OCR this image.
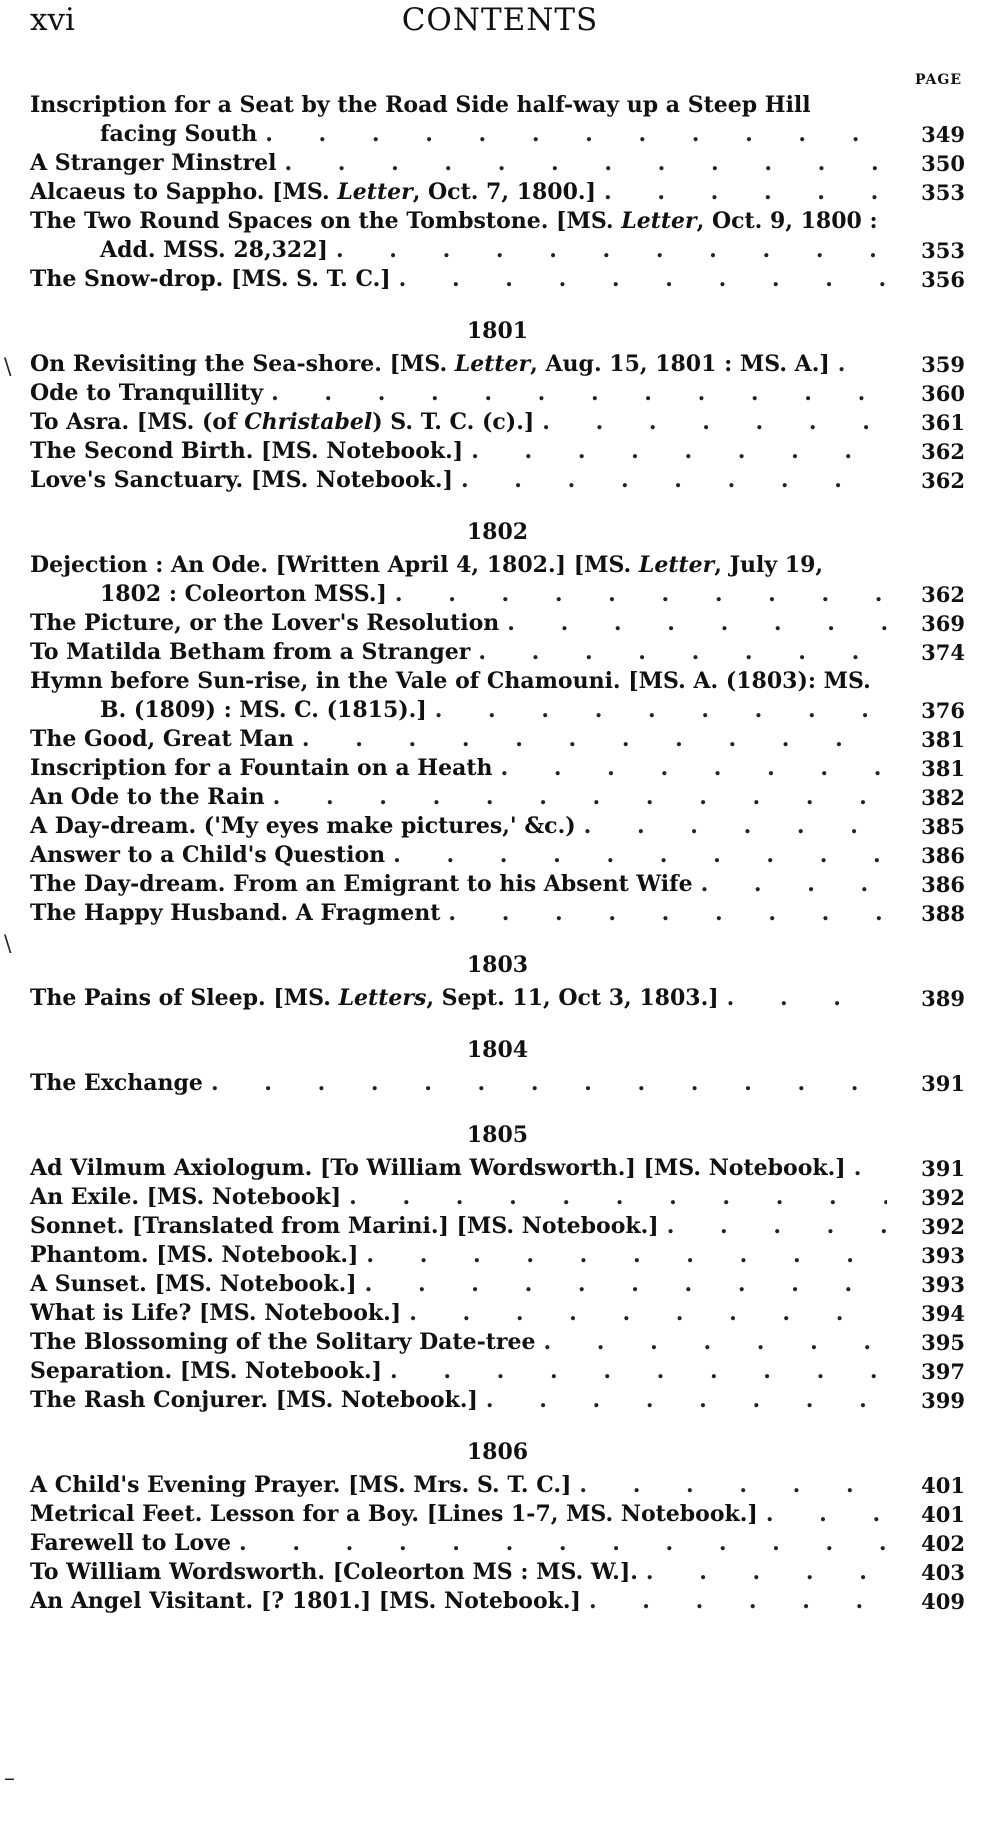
xvi	CONTENTS
PAGE
\
\
–
Inscription for a Seat by the Road Side half-way up a Steep Hill
facing South . . .	349
A Stranger Minstrel . . .	350
Alcaeus to Sappho. [MS. Letter, Oct. 7, 1800.] . . .	353
The Two Round Spaces on the Tombstone. [MS. Letter, Oct. 9, 1800 :
Add. MSS. 28,322] . . .	353
The Snow-drop. [MS. S. T. C.] . . .	356
1801
On Revisiting the Sea-shore. [MS. Letter, Aug. 15, 1801 : MS. A.] . . .	359
Ode to Tranquillity . . .	360
To Asra. [MS. (of Christabel) S. T. C. (c).] . . .	361
The Second Birth. [MS. Notebook.] . . .	362
Love's Sanctuary. [MS. Notebook.] . . .	362
1802
Dejection : An Ode. [Written April 4, 1802.] [MS. Letter, July 19,
1802 : Coleorton MSS.] . . .	362
The Picture, or the Lover's Resolution . . .	369
To Matilda Betham from a Stranger . . .	374
Hymn before Sun-rise, in the Vale of Chamouni. [MS. A. (1803): MS.
B. (1809) : MS. C. (1815).] . . .	376
The Good, Great Man . . .	381
Inscription for a Fountain on a Heath . . .	381
An Ode to the Rain . . .	382
A Day-dream. ('My eyes make pictures,' &c.) . . .	385
Answer to a Child's Question . . .	386
The Day-dream. From an Emigrant to his Absent Wife . . .	386
The Happy Husband. A Fragment . . .	388
1803
The Pains of Sleep. [MS. Letters, Sept. 11, Oct 3, 1803.] . . .	389
1804
The Exchange . . .	391
1805
Ad Vilmum Axiologum. [To William Wordsworth.] [MS. Notebook.] . . .	391
An Exile. [MS. Notebook] . . .	392
Sonnet. [Translated from Marini.] [MS. Notebook.] . . .	392
Phantom. [MS. Notebook.] . . .	393
A Sunset. [MS. Notebook.] . . .	393
What is Life? [MS. Notebook.] . . .	394
The Blossoming of the Solitary Date-tree . . .	395
Separation. [MS. Notebook.] . . .	397
The Rash Conjurer. [MS. Notebook.] . . .	399
1806
A Child's Evening Prayer. [MS. Mrs. S. T. C.] . . .	401
Metrical Feet. Lesson for a Boy. [Lines 1-7, MS. Notebook.] . . .	401
Farewell to Love . . .	402
To William Wordsworth. [Coleorton MS : MS. W.]. . . .	403
An Angel Visitant. [? 1801.] [MS. Notebook.] . . .	409
